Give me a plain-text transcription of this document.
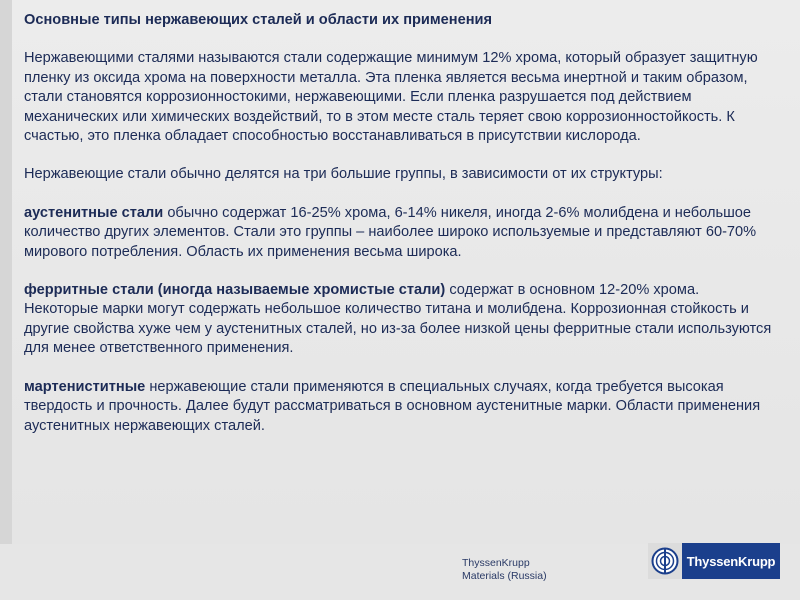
Основные типы нержавеющих сталей и области их применения
Нержавеющими сталями называются стали содержащие минимум 12% хрома, который образует защитную пленку из оксида хрома на поверхности металла. Эта пленка является весьма инертной и таким образом, стали становятся коррозионностокими, нержавеющими. Если пленка разрушается под действием механических или химических воздействий, то в этом месте сталь теряет свою коррозионностойкость. К счастью, это пленка обладает способностью восстанавливаться в присутствии кислорода.
Нержавеющие стали обычно делятся на три большие группы, в зависимости от их структуры:
аустенитные стали обычно содержат 16-25% хрома, 6-14% никеля, иногда 2-6% молибдена и небольшое количество других элементов. Стали это группы – наиболее широко используемые и представляют 60-70% мирового потребления. Область их применения весьма широка.
ферритные стали (иногда называемые хромистые стали) содержат в основном 12-20% хрома. Некоторые марки могут содержать небольшое количество титана и молибдена. Коррозионная стойкость и другие свойства хуже чем у аустенитных сталей, но из-за более низкой цены ферритные стали используются для менее ответственного применения.
мартениститные нержавеющие стали применяются в специальных случаях, когда требуется высокая твердость и прочность. Далее будут рассматриваться в основном аустенитные марки. Области применения аустенитных нержавеющих сталей.
ThyssenKrupp
Materials (Russia)
ThyssenKrupp
